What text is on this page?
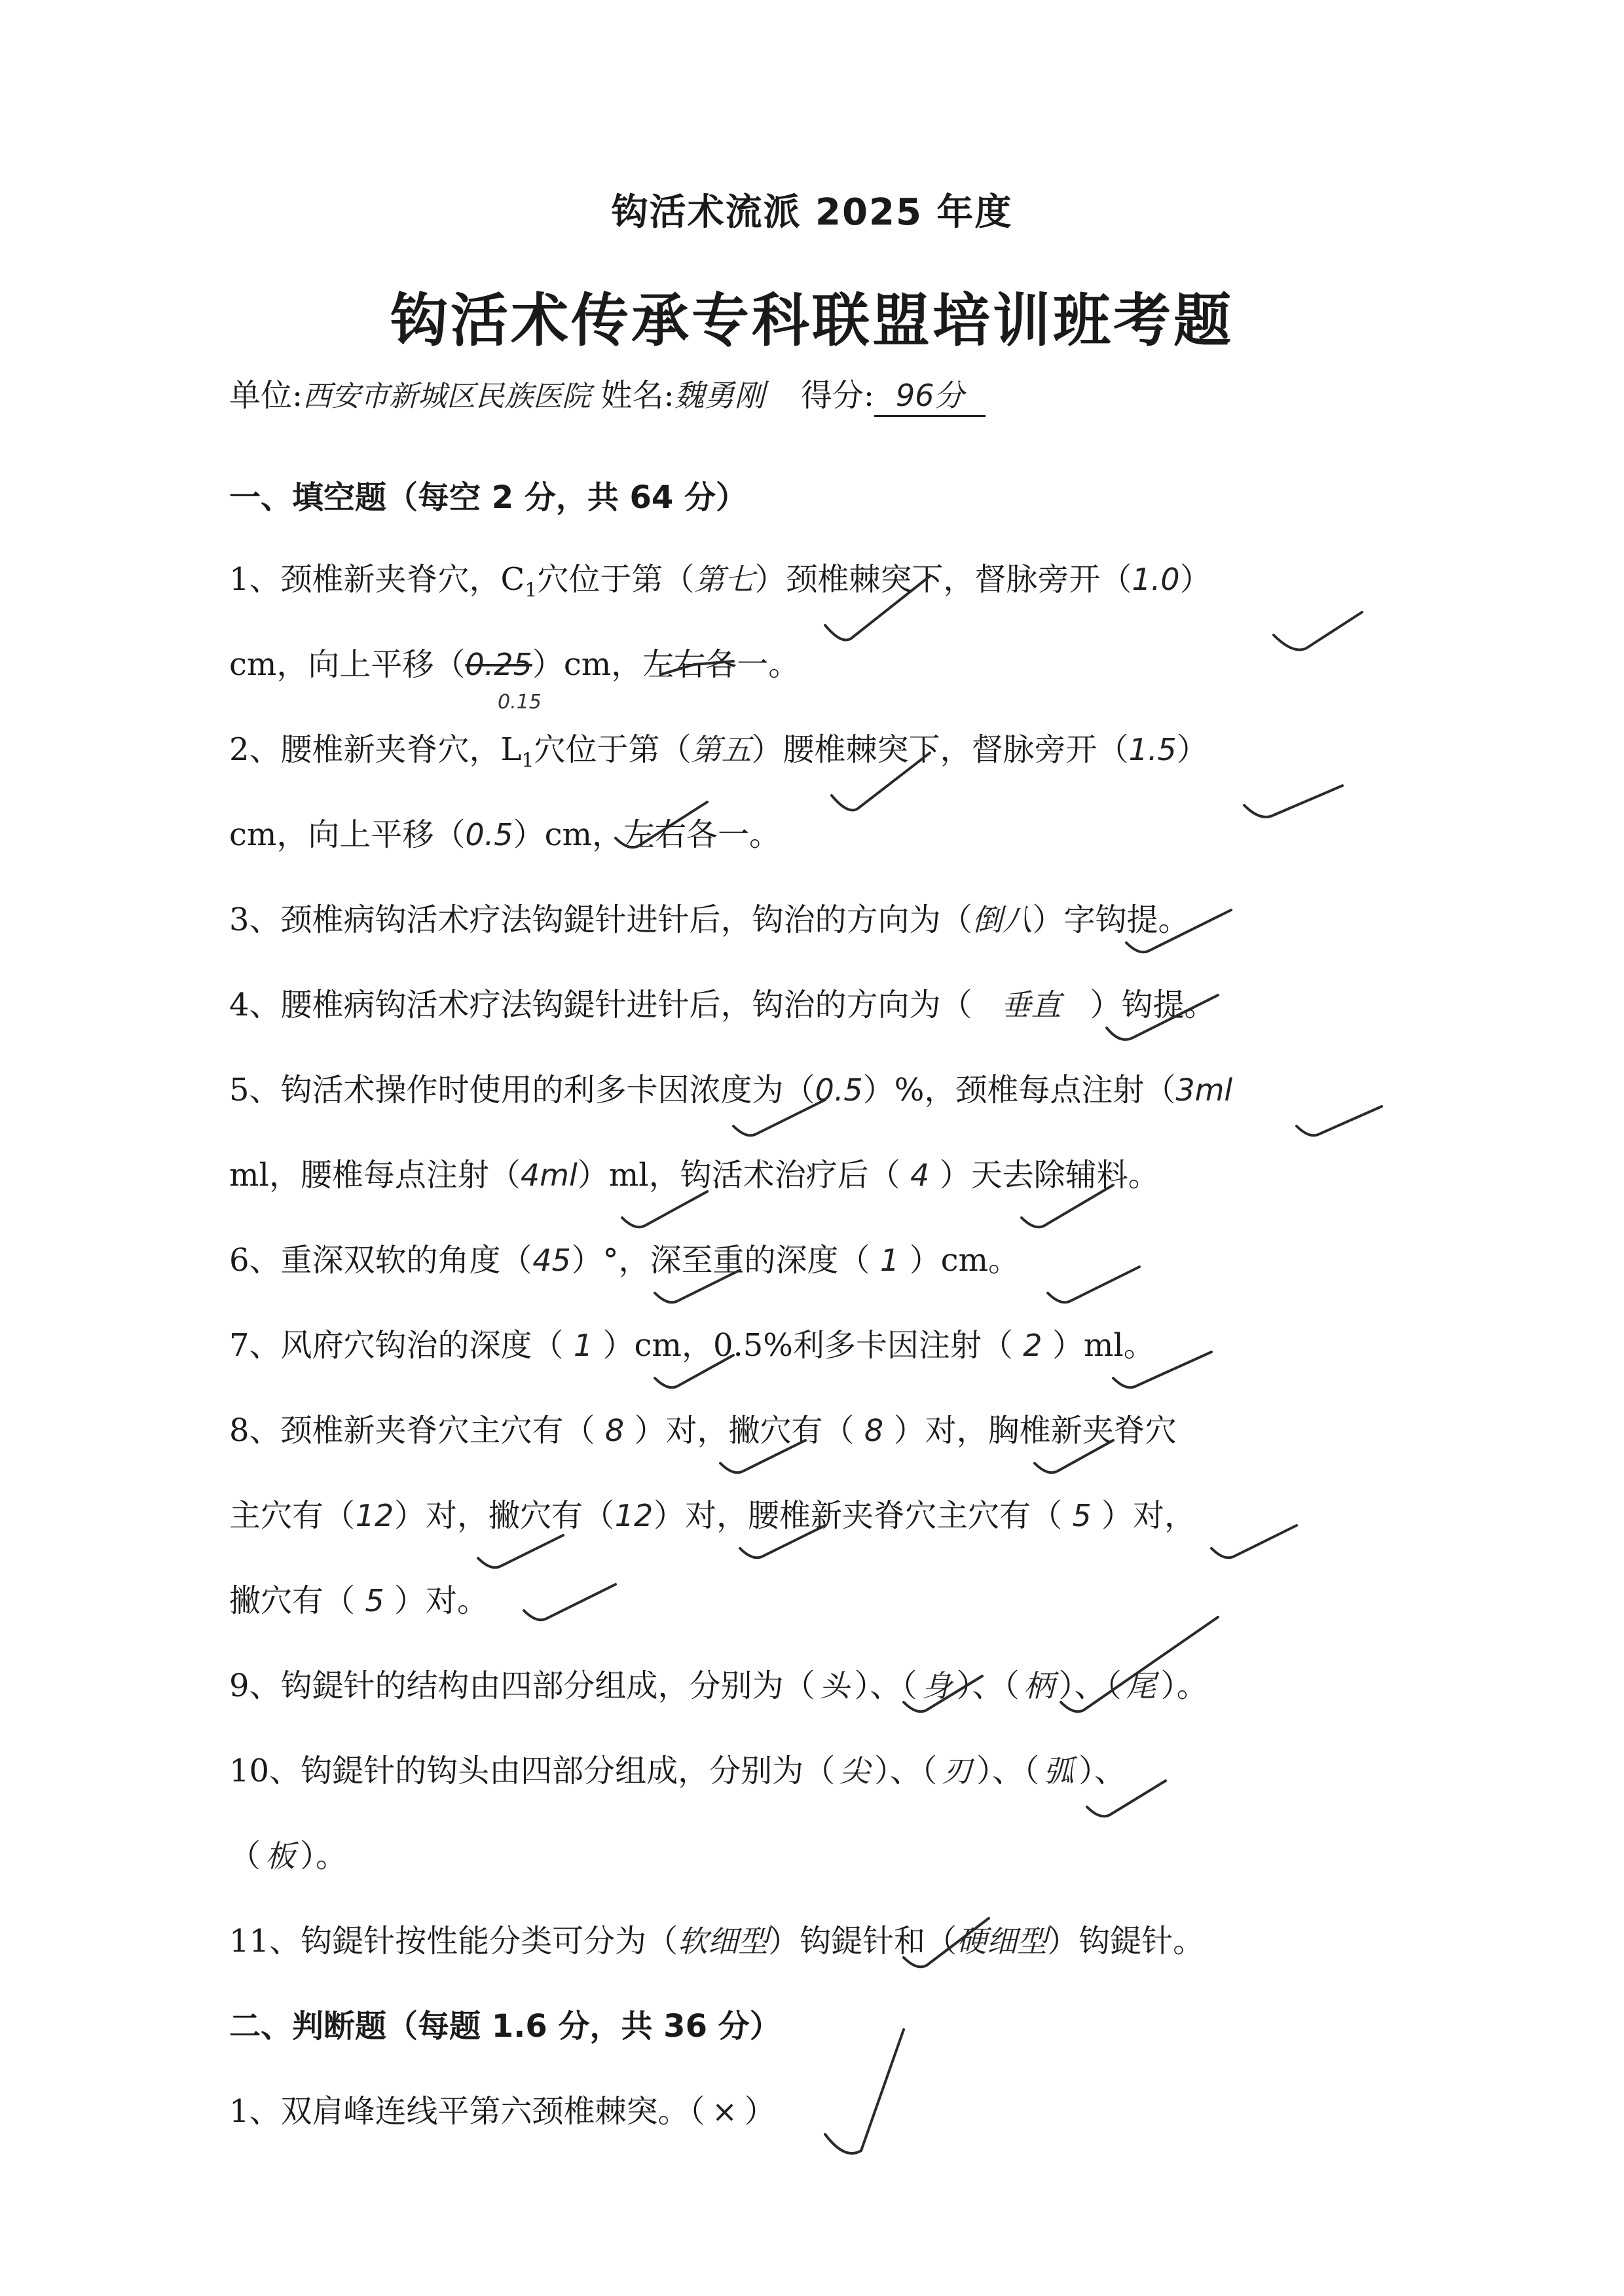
钩活术流派 2025 年度
钩活术传承专科联盟培训班考题
单位:西安市新城区民族医院 姓名:魏勇刚 得分: 96分
一、填空题（每空 2 分，共 64 分）
1、颈椎新夹脊穴，$C_1$穴位于第（第七）颈椎棘突下，督脉旁开（1.0）
cm，向上平移（0.25）cm，左右各一。
0.15
2、腰椎新夹脊穴，$L_1$穴位于第（第五）腰椎棘突下，督脉旁开（1.5）
cm，向上平移（0.5）cm，左右各一。
3、颈椎病钩活术疗法钩鍉针进针后，钩治的方向为（倒八）字钩提。
4、腰椎病钩活术疗法钩鍉针进针后，钩治的方向为（ 垂直 ）钩提。
5、钩活术操作时使用的利多卡因浓度为（0.5）%，颈椎每点注射（3ml
ml，腰椎每点注射（4ml）ml，钩活术治疗后（ 4 ）天去除辅料。
6、重深双软的角度（45）°，深至重的深度（ 1 ）cm。
7、风府穴钩治的深度（ 1 ）cm，0.5%利多卡因注射（ 2 ）ml。
8、颈椎新夹脊穴主穴有（ 8 ）对，撇穴有（ 8 ）对，胸椎新夹脊穴
主穴有（12）对，撇穴有（12）对，腰椎新夹脊穴主穴有（ 5 ）对，
撇穴有（ 5 ）对。
9、钩鍉针的结构由四部分组成，分别为（ 头 ）、（ 身 ）、（ 柄 ）、（ 尾 ）。
10、钩鍉针的钩头由四部分组成，分别为（ 尖 ）、（ 刃 ）、（ 弧 ）、
（ 板 ）。
11、钩鍉针按性能分类可分为（软细型）钩鍉针和（硬细型）钩鍉针。
二、判断题（每题 1.6 分，共 36 分）
1、双肩峰连线平第六颈椎棘突。（ × ）
